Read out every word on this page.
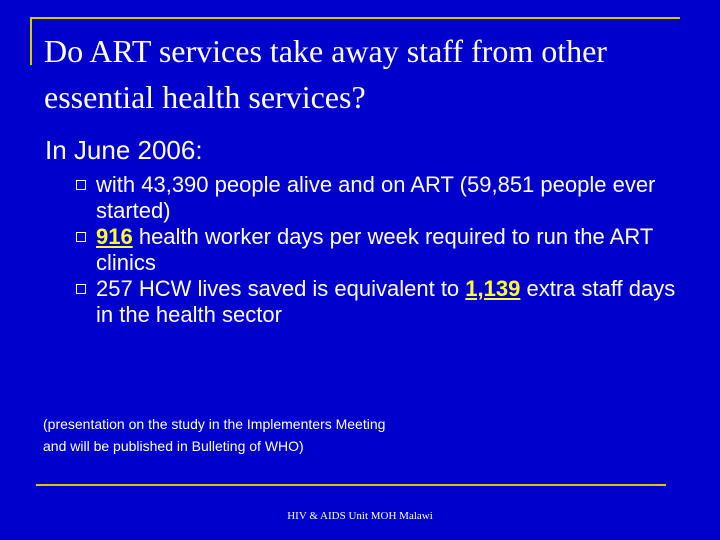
Do ART services take away staff from other essential health services?
In June 2006:
with 43,390 people alive and on ART (59,851 people ever started)
916 health worker days per week required to run the ART clinics
257 HCW lives saved is equivalent to 1,139 extra staff days in the health sector
(presentation on the study in the Implementers Meeting
and will be published in Bulleting of WHO)
HIV & AIDS Unit MOH Malawi
